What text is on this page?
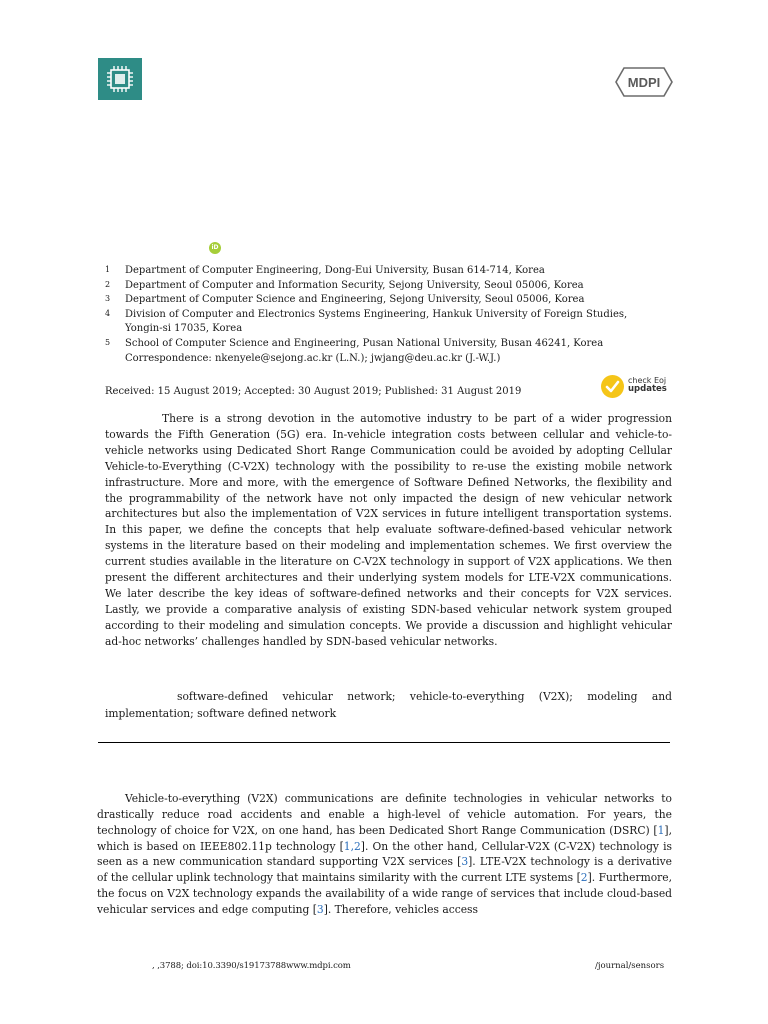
MDPI
iD
1 Department of Computer Engineering, Dong-Eui University, Busan 614-714, Korea
2 Department of Computer and Information Security, Sejong University, Seoul 05006, Korea
3 Department of Computer Science and Engineering, Sejong University, Seoul 05006, Korea
4 Division of Computer and Electronics Systems Engineering, Hankuk University of Foreign Studies,
Yongin-si 17035, Korea
5 School of Computer Science and Engineering, Pusan National University, Busan 46241, Korea
Correspondence: nkenyele@sejong.ac.kr (L.N.); jwjang@deu.ac.kr (J.-W.J.)
Received: 15 August 2019; Accepted: 30 August 2019; Published: 31 August 2019
check Eoj
updates
There is a strong devotion in the automotive industry to be part of a wider progression towards the Fifth Generation (5G) era. In-vehicle integration costs between cellular and vehicle-to-vehicle networks using Dedicated Short Range Communication could be avoided by adopting Cellular Vehicle-to-Everything (C-V2X) technology with the possibility to re-use the existing mobile network infrastructure. More and more, with the emergence of Software Defined Networks, the flexibility and the programmability of the network have not only impacted the design of new vehicular network architectures but also the implementation of V2X services in future intelligent transportation systems. In this paper, we define the concepts that help evaluate software-defined-based vehicular network systems in the literature based on their modeling and implementation schemes. We first overview the current studies available in the literature on C-V2X technology in support of V2X applications. We then present the different architectures and their underlying system models for LTE-V2X communications. We later describe the key ideas of software-defined networks and their concepts for V2X services. Lastly, we provide a comparative analysis of existing SDN-based vehicular network system grouped according to their modeling and simulation concepts. We provide a discussion and highlight vehicular ad-hoc networks’ challenges handled by SDN-based vehicular networks.
software-defined vehicular network; vehicle-to-everything (V2X); modeling and implementation; software defined network
Vehicle-to-everything (V2X) communications are definite technologies in vehicular networks to drastically reduce road accidents and enable a high-level of vehicle automation. For years, the technology of choice for V2X, on one hand, has been Dedicated Short Range Communication (DSRC) [1], which is based on IEEE802.11p technology [1,2]. On the other hand, Cellular-V2X (C-V2X) technology is seen as a new communication standard supporting V2X services [3]. LTE-V2X technology is a derivative of the cellular uplink technology that maintains similarity with the current LTE systems [2]. Furthermore, the focus on V2X technology expands the availability of a wide range of services that include cloud-based vehicular services and edge computing [3]. Therefore, vehicles access
, ,3788; doi:10.3390/s19173788www.mdpi.com	/journal/sensors
